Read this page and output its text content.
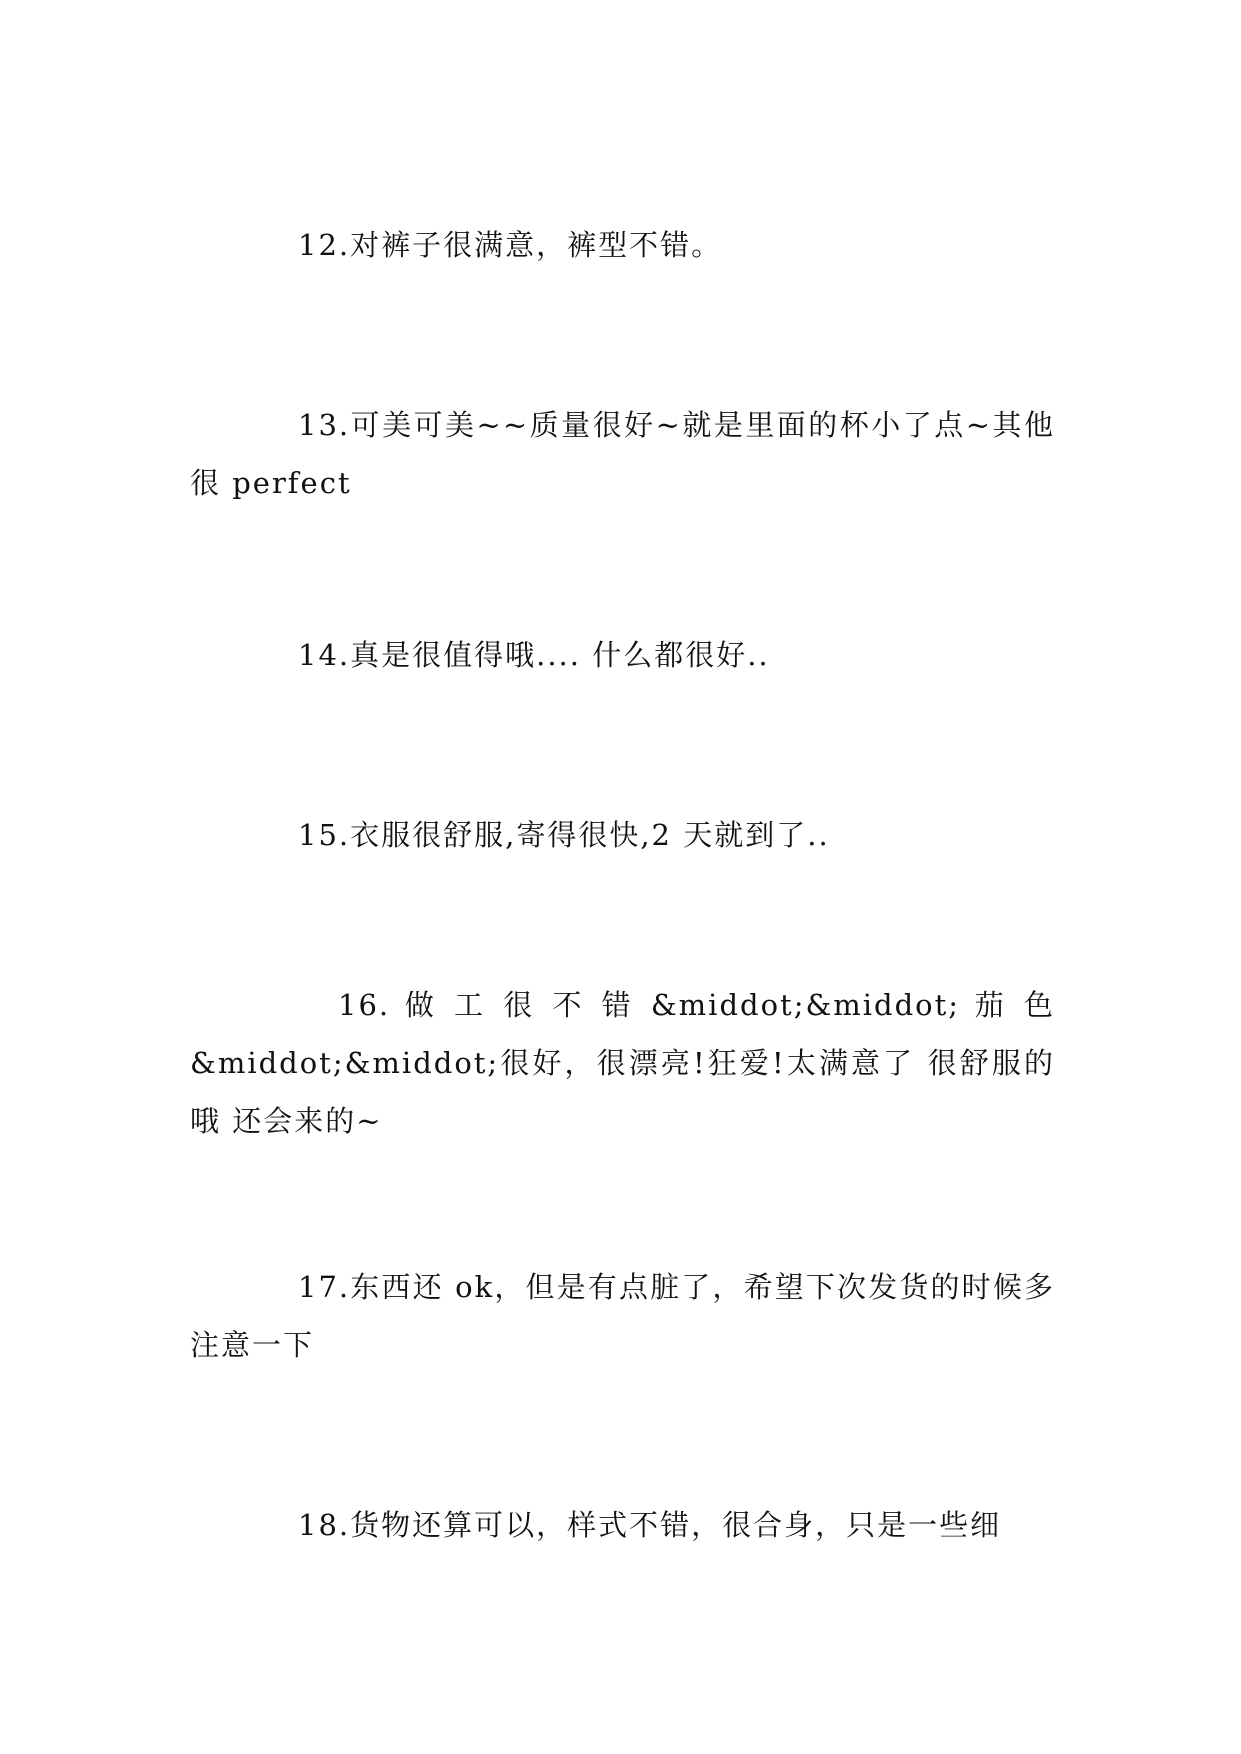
12.对裤子很满意，裤型不错。

13.可美可美~~质量很好~就是里面的杯小了点~其他很 perfect

14.真是很值得哦.... 什么都很好..

15.衣服很舒服,寄得很快,2 天就到了..

16. 做 工 很 不 错 &middot;&middot; 茄 色
&middot;&middot;很好，很漂亮!狂爱!太满意了 很舒服的哦 还会来的~

17.东西还 ok，但是有点脏了，希望下次发货的时候多注意一下

18.货物还算可以，样式不错，很合身，只是一些细
